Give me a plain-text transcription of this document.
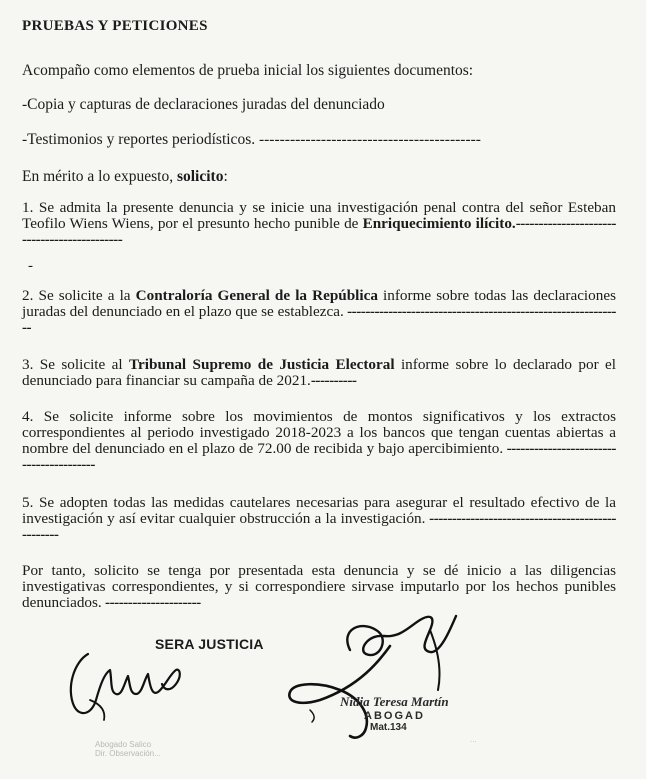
PRUEBAS Y PETICIONES

Acompaño como elementos de prueba inicial los siguientes documentos:

-Copia y capturas de declaraciones juradas del denunciado

-Testimonios y reportes periodísticos. -------------------------------------------

En mérito a lo expuesto, solicito:

1. Se admita la presente denuncia y se inicie una investigación penal contra del señor Esteban Teofilo Wiens Wiens, por el presunto hecho punible de Enriquecimiento ilícito.--------------------------------------------

-

2. Se solicite a la Contraloría General de la República informe sobre todas las declaraciones juradas del denunciado en el plazo que se establezca. -------------------------------------------------------------

3. Se solicite al Tribunal Supremo de Justicia Electoral informe sobre lo declarado por el denunciado para financiar su campaña de 2021.----------

4. Se solicite informe sobre los movimientos de montos significativos y los extractos correspondientes al periodo investigado 2018-2023 a los bancos que tengan cuentas abiertas a nombre del denunciado en el plazo de 72.00 de recibida y bajo apercibimiento. ----------------------------------------

5. Se adopten todas las medidas cautelares necesarias para asegurar el resultado efectivo de la investigación y así evitar cualquier obstrucción a la investigación. -------------------------------------------------

Por tanto, solicito se tenga por presentada esta denuncia y se dé inicio a las diligencias investigativas correspondientes, y si correspondiere sirvase imputarlo por los hechos punibles denunciados. ---------------------

SERA JUSTICIA
Nidia Teresa Martín
ABOGAD
Mat.134
Abogado Salico
Dir. Observación...
...
